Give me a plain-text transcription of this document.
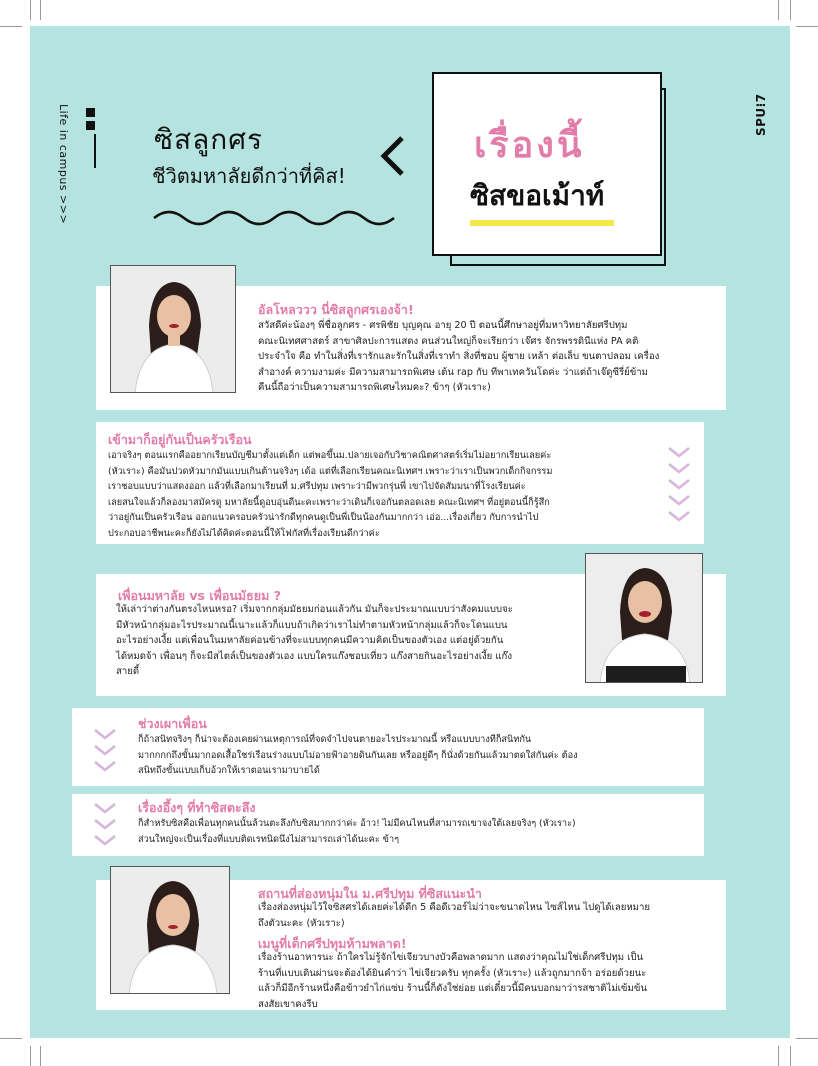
Life in campus >>>	SPU⁝7
ซิสลูกศร
ชีวิตมหาลัยดีกว่าที่คิส!
เรื่องนี้
ซิสขอเม้าท์
อัลโหลววว นี่ซิสลูกศรเองจ้า!

สวัสดีค่ะน้องๆ พี่ชื่อลูกศร - ศรพิชัย บุญคุณ อายุ 20 ปี ตอนนี้ศึกษาอยู่ที่มหาวิทยาลัยศรีปทุม

คณะนิเทศศาสตร์ สาขาศิลปะการแสดง คนส่วนใหญ่ก็จะเรียกว่า เจ๊ศร จักรพรรดินีแห่ง PA คติ

ประจำใจ คือ ทำในสิ่งที่เรารักและรักในสิ่งที่เราทำ สิ่งที่ชอบ ผู้ชาย เหล้า ต่อเล็บ ขนตาปลอม เครื่อง

สำอางค์ ความงามค่ะ มีความสามารถพิเศษ เต้น rap กับ ทีพาเทควันโดค่ะ ว่าแต่ถ้าเจ๊ดูซีรี่ย์ข้าม

คืนนี้ถือว่าเป็นความสามารถพิเศษไหมคะ? ข้าๆ (หัวเราะ)

เข้ามาก็อยู่กันเป็นครัวเรือน

เอาจริงๆ ตอนแรกคืออยากเรียนบัญชีมาตั้งแต่เด็ก แต่พอขึ้นม.ปลายเจอกับวิชาคณิตศาสตร์เริ่มไม่อยากเรียนเลยค่ะ

(หัวเราะ) คือมันปวดหัวมากมันแบบเกินต้านจริงๆ เด้อ แต่ที่เลือกเรียนคณะนิเทศฯ เพราะว่าเราเป็นพวกเด็กกิจกรรม

เราชอบแบบว่าแสดงออก แล้วที่เลือกมาเรียนที่ ม.ศรีปทุม เพราะว่ามีพวกรุ่นพี่ เขาไปจัดสัมมนาที่โรงเรียนค่ะ

เลยสนใจแล้วก็ลองมาสมัครดู มหาลัยนี้ดูอบอุ่นดีนะคะเพราะว่าเดินก็เจอกันตลอดเลย คณะนิเทศฯ ที่อยู่ตอนนี้ก็รู้สึก

ว่าอยู่กันเป็นครัวเรือน ออกแนวครอบครัวน่ารักดีทุกคนดูเป็นพี่เป็นน้องกันมากกว่า เอ่อ...เรื่องเกี่ยว กับการนำไป

ประกอบอาชีพนะคะก็ยังไม่ได้คิดค่ะตอนนี้ให้โฟกัสที่เรื่องเรียนดีกว่าค่ะ

เพื่อนมหาลัย vs เพื่อนมัธยม ?

ให้เล่าว่าต่างกันตรงไหนหรอ? เริ่มจากกลุ่มมัธยมก่อนแล้วกัน มันก็จะประมาณแบบว่าสังคมแบบจะ

มีหัวหน้ากลุ่มอะไรประมาณนี้เนาะแล้วก็แบบถ้าเกิดว่าเราไม่ทำตามหัวหน้ากลุ่มแล้วก็จะโดนแบน

อะไรอย่างเงี้ย แต่เพื่อนในมหาลัยค่อนข้างที่จะแบบทุกคนมีความคิดเป็นของตัวเอง แต่อยู่ด้วยกัน

ได้หมดจ้า เพื่อนๆ ก็จะมีสไตล์เป็นของตัวเอง แบบใครแก๊งชอบเที่ยว แก๊งสายกินอะไรอย่างเงี้ย แก๊ง

สายดี้

ช่วงเผาเพื่อน

ก็ถ้าสนิทจริงๆ ก็น่าจะต้องเคยผ่านเหตุการณ์ที่จดจำไปจนตายอะไรประมาณนี้ หรือแบบบางทีก็สนิทกัน

มากกกกถึงขั้นมากอดเสื้อใชร่เรือนร่างแบบไม่อายฟ้าอายดินกันเลย หรืออยู่ดีๆ ก็นั่งด้วยกันแล้วมาตดใส่กันค่ะ ต้อง

สนิทถึงขั้นแบบเก็บอ้วกให้เราตอนเรามาบายได้

เรื่องอึ้งๆ ที่ทำซิสตะลึง

ก็สำหรับซิสคือเพื่อนทุกคนนั้นล้วนตะลึงกับซิสมากกว่าค่ะ อ้าว! ไม่มีคนไหนที่สามารถเขาจงใต้เลยจริงๆ (หัวเราะ)

ส่วนใหญ่จะเป็นเรื่องที่แบบติดเรทนิดนึงไม่สามารถเล่าได้นะคะ ข้าๆ

สถานที่ส่องหนุ่มใน ม.ศรีปทุม ที่ซิสแนะนำ

เรื่องส่องหนุ่มไว้ใจซิสศรได้เลยค่ะได้ดีก 5 คือดีเวอร์ไม่ว่าจะขนาดไหน ไซส์ไหน ไปดูได้เลยหมาย

ถึงตัวนะคะ (หัวเราะ)

เมนูที่เด็กศรีปทุมห้ามพลาด!

เรื่องร้านอาหารนะ ถ้าใครไม่รู้จักไข่เจียวบางบัวคือพลาดมาก แสดงว่าคุณไม่ใช่เด็กศรีปทุม เป็น

ร้านที่แบบเดินผ่านจะต้องได้ยินคำว่า ไข่เจียวครับ ทุกครั้ง (หัวเราะ) แล้วถูกมากจ้า อร่อยด้วยนะ

แล้วก็มีอีกร้านหนึ่งคือข้าวยำไก่แซ่บ ร้านนี้ก็ดังใช่ย่อย แต่เดี๋ยวนี้มีคนบอกมาว่ารสชาติไม่เข้มข้น

สงสัยเขาคงรีบ
